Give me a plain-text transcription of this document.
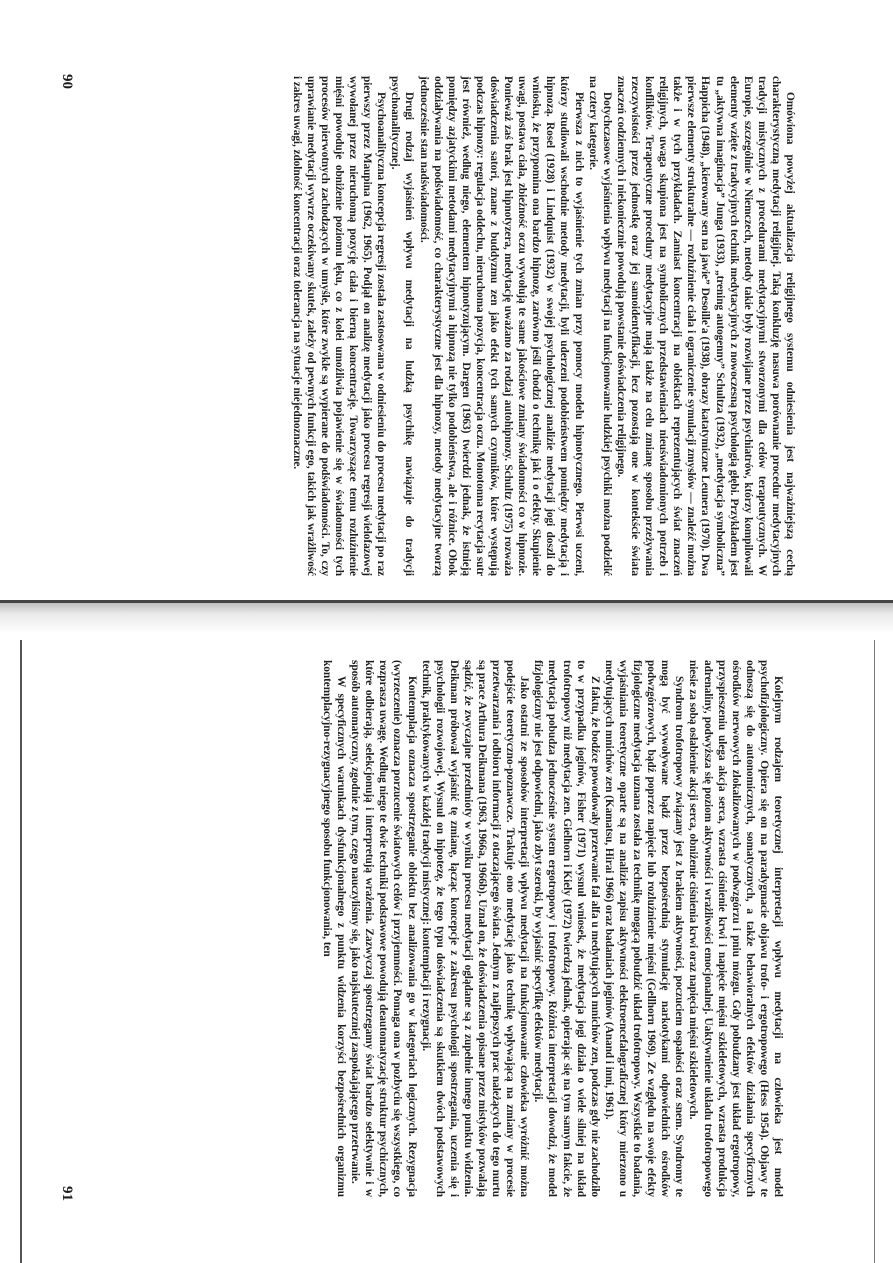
Omówiona powyżej aktualizacja religijnego systemu odniesienia jest najważniejszą cechą charakterystyczną medytacji religijnej. Taką konkluzję nasuwa porównanie procedur medytacyjnych tradycji mistycznych z procedurami medytacyjnymi stworzonymi dla celów terapeutycznych. W Europie, szczególnie w Niemczech, metody takie były rozwijane przez psychiatrów, którzy kompilowali elementy wzięte z tradycyjnych technik medytacyjnych z nowoczesną psychologią głębi. Przykładem jest tu „aktywna imaginacja” Junga (1933), „trening autogenny” Schultza (1932), „medytacja symboliczna” Happicha (1948), „kierowany sen na jawie” Desoille'a (1938), obrazy katatymiczne Leunera (1970). Dwa pierwsze elementy strukturalne — rozluźnienie ciała i ograniczenie symulacji zmysłów — znaleźć można także i w tych przykładach. Zamiast koncentracji na obiektach reprezentujących świat znaczeń religijnych, uwaga skupiona jest na symbolicznych przedstawieniach nieuświadomionych potrzeb i konfliktów. Terapeutyczne procedury medytacyjne mają także na celu zmianę sposobu przeżywania rzeczywistości przez jednostkę oraz jej samoidentyfikacji, lecz pozostają one w kontekście świata znaczeń codziennych i niekoniecznie powodują powstanie doświadczenia religijnego.

Dotychczasowe wyjaśnienia wpływu medytacji na funkcjonowanie ludzkiej psychiki można podzielić na cztery kategorie.

Pierwsza z nich to wyjaśnienie tych zmian przy pomocy modelu hipnotycznego. Pierwsi uczeni, którzy studiowali wschodnie metody medytacji, byli uderzeni podobieństwem pomiędzy medytacją i hipnozą. Rosel (1928) i Lindquist (1932) w swojej psychologicznej analizie medytacji jogi doszli do wniosku, że przypomina ona bardzo hipnozę, zarówno jeśli chodzi o technikę jak i o efekty. Skupienie uwagi, postawa ciała, zbieżność oczu wywołują te same jakościowe zmiany świadomości co w hipnozie. Ponieważ zaś brak jest hipnotyzera, medytację uważano za rodzaj autohipnozy. Schultz (1975) rozważa doświadczenia satori, znane z buddyzmu zen jako efekt tych samych czynników, które występują podczas hipnozy: regulacja oddechu, nieruchoma pozycja, koncentracja oczu. Monotonna recytacja sutr jest również, według niego, elementem hipnotyzującym. Dargen (1963) twierdzi jednak, że istnieją pomiędzy azjatyckimi metodami medytacyjnymi a hipnozą nie tylko podobieństwa, ale i różnice. Obok oddziaływania na podświadomość, co charakterystyczne jest dla hipnozy, metody medytacyjne tworzą jednocześnie stan nadświadomości.

Drugi rodzaj wyjaśnień wpływu medytacji na ludzką psychikę nawiązuje do tradycji psychoanalitycznej.

Psychoanalityczna koncepcja regresji została zastosowana w odniesieniu do procesu medytacji po raz pierwszy przez Maupina (1962, 1965). Podjął on analizę medytacji jako procesu regresji wielofazowej wywołanej przez nieruchomą pozycję ciała i bierną koncentrację. Towarzyszące temu rozluźnienie mięśni powoduje obniżenie poziomu lęku, co z kolei umożliwia pojawienie się w świadomości tych procesów pierwotnych zachodzących w umyśle, które zwykle są wypierane do podświadomości. To, czy uprawianie medytacji wywrze oczekiwany skutek, zależy od pewnych funkcji ego, takich jak wrażliwość i zakres uwagi, zdolność koncentracji oraz tolerancja na sytuacje niejednoznaczne.

90

Kolejnym rodzajem teoretycznej interpretacji wpływu medytacji na człowieka jest model psychofizjologiczny. Opiera się on na paradygmacie objawu trofo- i ergotropowego (Hess 1954). Objawy te odnoszą się do autonomicznych, somatycznych, a także behawioralnych efektów działania specyficznych ośrodków nerwowych zlokalizowanych w podwzgórzu i pniu mózgu. Gdy pobudzany jest układ ergotropowy, przyspieszeniu ulega akcja serca, wzrasta ciśnienie krwi i napięcie mięśni szkieletowych, wzrasta produkcja adrenaliny, podwyższa się poziom aktywności i wrażliwości emocjonalnej. Uaktywnienie układu trofotropowego niesie za sobą osłabienie akcji serca, obniżenie ciśnienia krwi oraz napięcia mięśni szkieletowych.

Syndrom trofotropowy związany jest z brakiem aktywności, poczuciem ospałości oraz snem. Syndromy te mogą być wywoływane bądź przez bezpośrednią stymulację narkotykami odpowiednich ośrodków podwzgórzowych, bądź poprzez napięcie lub rozluźnienie mięśni (Gellhorn 1969). Ze względu na swoje efekty fizjologiczne medytacja uznana została za technikę mogącą pobudzić układ trofotropowy. Wszystkie to badania, wyjaśniania teoretyczne oparte są na analizie zapisu aktywności elektroencefalograficznej który mierzono u medytujących mnichów zen (Kamatsu, Hirai 1966) oraz badaniach joginów (Anand i inni, 1961).

Z faktu, że bodźce powodowały przerwanie fal alfa u medytujących mnichów zen, podczas gdy nie zachodziło to w przypadku joginów, Fisher (1971) wysnuł wniosek, że medytacja jogi działa o wiele silniej na układ trofotropowy niż medytacja zen. Gielhorn i Kiely (1972) twierdzą jednak, opierając się na tym samym fakcie, że medytacja pobudza jednocześnie system ergotropowy i trofotropowy. Różnica interpretacji dowodzi, że model fizjologiczny nie jest odpowiedni, jako zbyt szeroki, by wyjaśnić specyfikę efektów medytacji.

Jako ostatni ze sposobów interpretacji wpływu medytacji na funkcjonowanie człowieka wyróżnić można podejście teoretyczno-poznawcze. Traktuje ono medytację jako technikę wpływającą na zmiany w procesie przetwarzania i odbioru informacji z otaczającego świata. Jednym z najlepszych prac należących do tego nurtu są prace Arthura Deikmana (1963, 1966a, 1966b). Uznał on, że doświadczenia opisane przez mistyków pozwalają sądzić, że zwyczajne przedmioty w wyniku procesu medytacji oglądane są z zupełnie innego punktu widzenia. Deikman próbował wyjaśnić tę zmianę, łącząc koncepcje z zakresu psychologii spostrzegania, uczenia się i psychologii rozwojowej. Wysnuł on hipotezę, że tego typu doświadczenia są skutkiem dwóch podstawowych technik, praktykowanych w każdej tradycji mistycznej: kontemplacji i rezygnacji.

Kontemplacja oznacza spostrzeganie obiektu bez analizowania go w kategoriach logicznych. Rezygnacja (wyrzeczenie) oznacza porzucenie światowych celów i przyjemności. Pomaga ona w pozbyciu się wszystkiego, co rozprasza uwagę. Według niego te dwie techniki podstawowe powodują deautomatyzację struktur psychicznych, które odbierają, selekcjonują i interpretują wrażenia. Zazwyczaj spostrzegamy świat bardzo selektywnie i w sposób automatyczny, zgodnie z tym, czego nauczyliśmy się, jako najskuteczniej zaspokajającego przetrwanie.

W specyficznych warunkach dysfunkcjonalnego z punktu widzenia korzyści bezpośrednich organizmu kontemplacyjno-rezygnacyjnego sposobu funkcjonowania, ten

91
